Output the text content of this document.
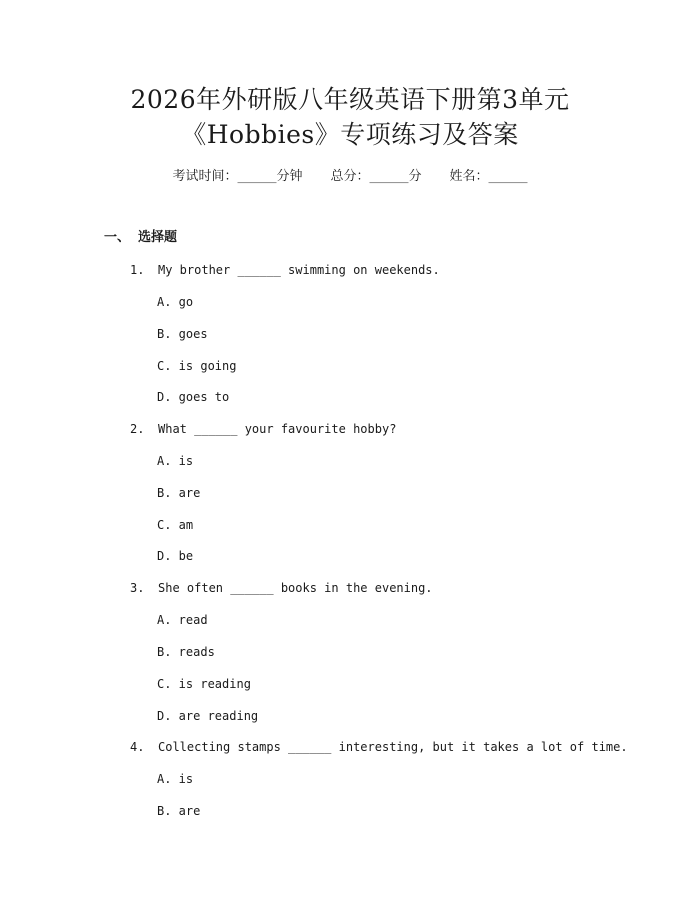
2026年外研版八年级英语下册第3单元
《Hobbies》专项练习及答案
考试时间：______分钟 总分：______分 姓名：______
一、 选择题
1. My brother ______ swimming on weekends.
A. go
B. goes
C. is going
D. goes to
2. What ______ your favourite hobby?
A. is
B. are
C. am
D. be
3. She often ______ books in the evening.
A. read
B. reads
C. is reading
D. are reading
4. Collecting stamps ______ interesting, but it takes a lot of time.
A. is
B. are
